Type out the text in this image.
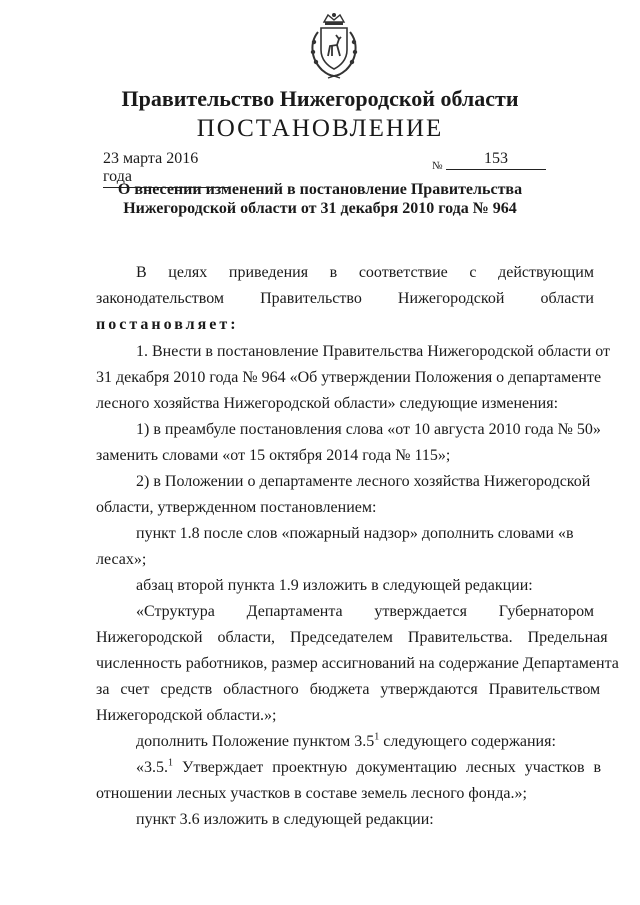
Правительство Нижегородской области
ПОСТАНОВЛЕНИЕ
23 марта 2016 года
№	153
О внесении изменений в постановление Правительства
Нижегородской области от 31 декабря 2010 года № 964
В целях приведения в соответствие с действующим
законодательством Правительство Нижегородской области
постановляет:
1. Внести в постановление Правительства Нижегородской области от
31 декабря 2010 года № 964 «Об утверждении Положения о департаменте
лесного хозяйства Нижегородской области» следующие изменения:
1) в преамбуле постановления слова «от 10 августа 2010 года № 50»
заменить словами «от 15 октября 2014 года № 115»;
2) в Положении о департаменте лесного хозяйства Нижегородской
области, утвержденном постановлением:
пункт 1.8 после слов «пожарный надзор» дополнить словами «в
лесах»;
абзац второй пункта 1.9 изложить в следующей редакции:
«Структура Департамента утверждается Губернатором
Нижегородской области, Председателем Правительства. Предельная
численность работников, размер ассигнований на содержание Департамента
за счет средств областного бюджета утверждаются Правительством
Нижегородской области.»;
дополнить Положение пунктом $3.5^1$ следующего содержания:
«3.5.$^1$ Утверждает проектную документацию лесных участков в
отношении лесных участков в составе земель лесного фонда.»;
пункт 3.6 изложить в следующей редакции:
